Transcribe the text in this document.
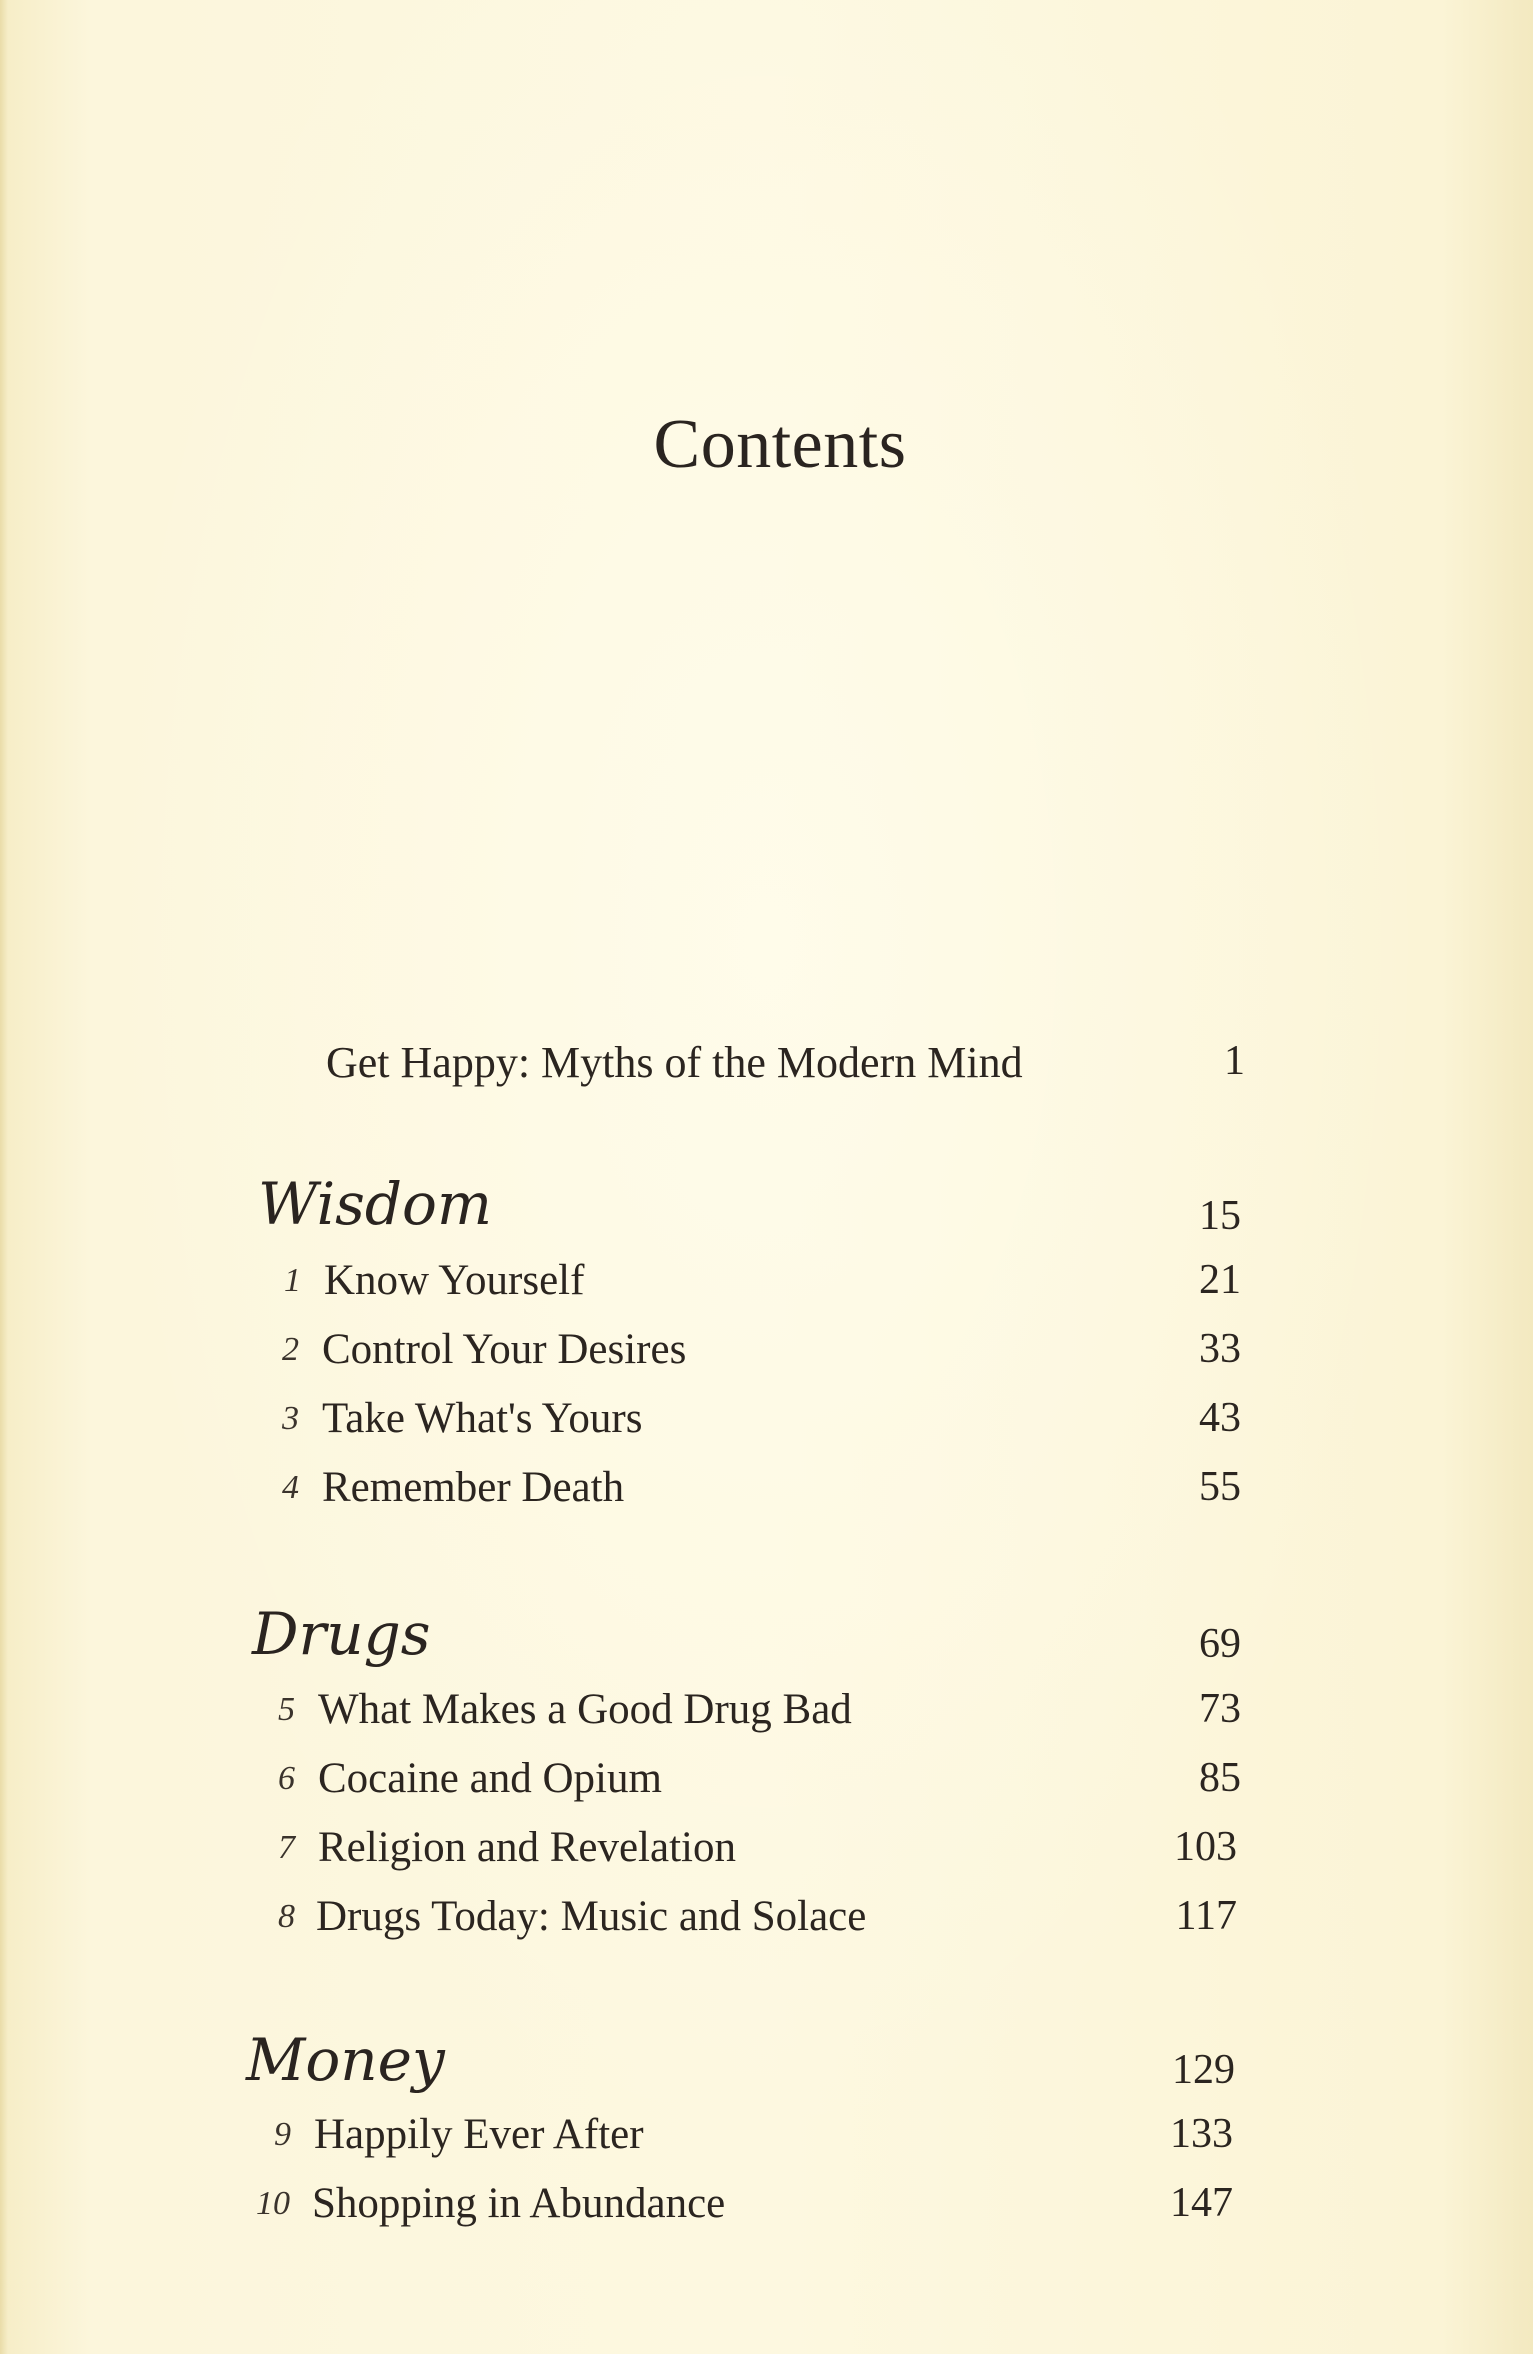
Contents
Get Happy: Myths of the Modern Mind	1
Wisdom	15
1 Know Yourself	21
2 Control Your Desires	33
3 Take What's Yours	43
4 Remember Death	55
Drugs	69
5 What Makes a Good Drug Bad	73
6 Cocaine and Opium	85
7 Religion and Revelation	103
8 Drugs Today: Music and Solace	117
Money	129
9 Happily Ever After	133
10 Shopping in Abundance	147
